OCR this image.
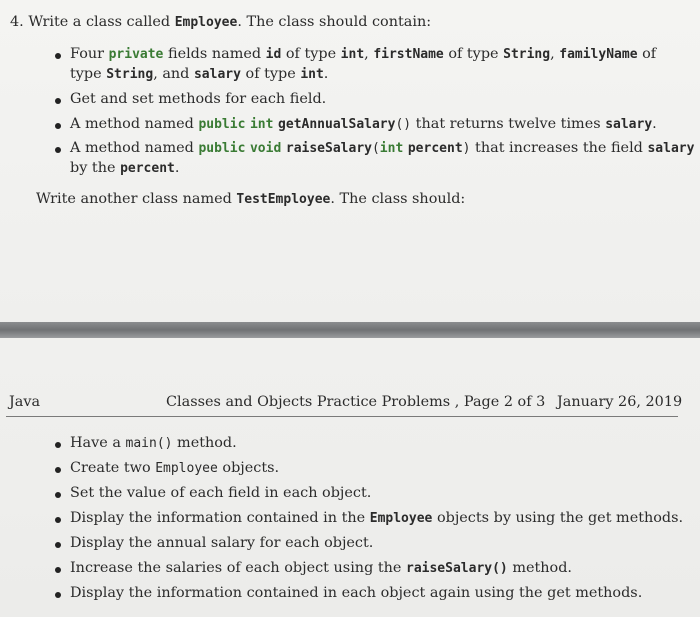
4. Write a class called Employee. The class should contain:
Four private fields named id of type int, firstName of type String, familyName of
type String, and salary of type int.
Get and set methods for each field.
A method named public int getAnnualSalary() that returns twelve times salary.
A method named public void raiseSalary(int percent) that increases the field salary
by the percent.
Write another class named TestEmployee. The class should:
Java	Classes and Objects Practice Problems , Page 2 of 3 January 26, 2019
Have a main() method.
Create two Employee objects.
Set the value of each field in each object.
Display the information contained in the Employee objects by using the get methods.
Display the annual salary for each object.
Increase the salaries of each object using the raiseSalary() method.
Display the information contained in each object again using the get methods.
